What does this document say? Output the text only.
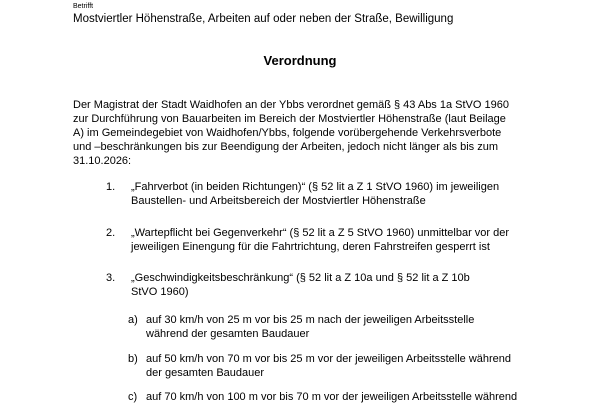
Betrifft
Mostviertler Höhenstraße, Arbeiten auf oder neben der Straße, Bewilligung
Verordnung
Der Magistrat der Stadt Waidhofen an der Ybbs verordnet gemäß § 43 Abs 1a StVO 1960
zur Durchführung von Bauarbeiten im Bereich der Mostviertler Höhenstraße (laut Beilage
A) im Gemeindegebiet von Waidhofen/Ybbs, folgende vorübergehende Verkehrsverbote
und –beschränkungen bis zur Beendigung der Arbeiten, jedoch nicht länger als bis zum
31.10.2026:
1. „Fahrverbot (in beiden Richtungen)“ (§ 52 lit a Z 1 StVO 1960) im jeweiligen
Baustellen- und Arbeitsbereich der Mostviertler Höhenstraße
2. „Wartepflicht bei Gegenverkehr“ (§ 52 lit a Z 5 StVO 1960) unmittelbar vor der
jeweiligen Einengung für die Fahrtrichtung, deren Fahrstreifen gesperrt ist
3. „Geschwindigkeitsbeschränkung“ (§ 52 lit a Z 10a und § 52 lit a Z 10b
StVO 1960)
a) auf 30 km/h von 25 m vor bis 25 m nach der jeweiligen Arbeitsstelle
während der gesamten Baudauer
b) auf 50 km/h von 70 m vor bis 25 m vor der jeweiligen Arbeitsstelle während
der gesamten Baudauer
c) auf 70 km/h von 100 m vor bis 70 m vor der jeweiligen Arbeitsstelle während
